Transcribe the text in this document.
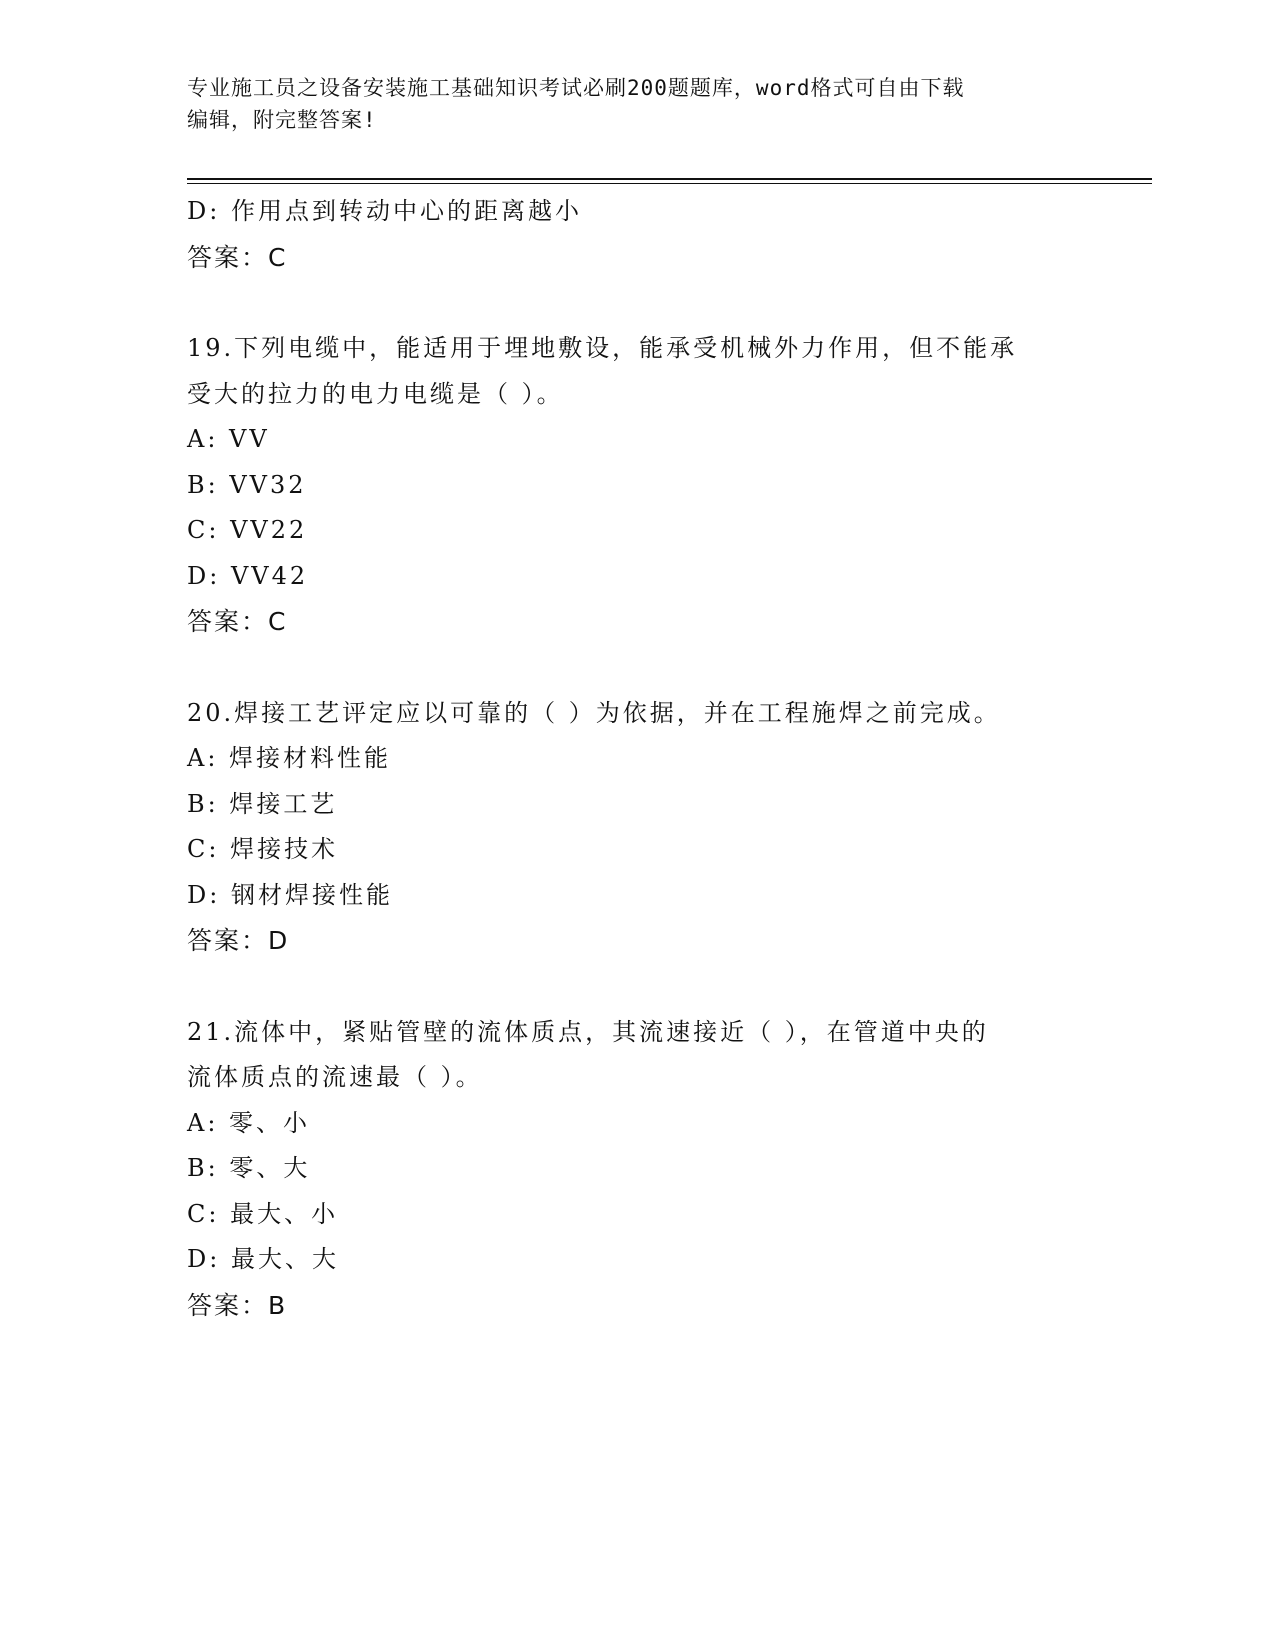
专业施工员之设备安装施工基础知识考试必刷200题题库，word格式可自由下载
编辑，附完整答案!
D: 作用点到转动中心的距离越小
答案：C
19.下列电缆中，能适用于埋地敷设，能承受机械外力作用，但不能承
受大的拉力的电力电缆是（ ）。
A: VV
B: VV32
C: VV22
D: VV42
答案：C
20.焊接工艺评定应以可靠的（ ）为依据，并在工程施焊之前完成。
A: 焊接材料性能
B: 焊接工艺
C: 焊接技术
D: 钢材焊接性能
答案：D
21.流体中，紧贴管壁的流体质点，其流速接近（ ），在管道中央的
流体质点的流速最（ ）。
A: 零、小
B: 零、大
C: 最大、小
D: 最大、大
答案：B
